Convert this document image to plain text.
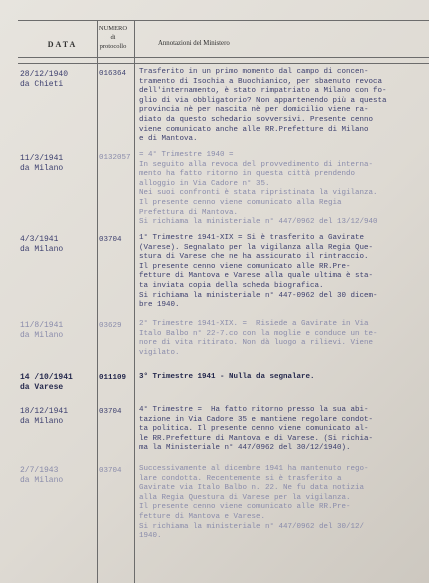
DATA
NUMERO
di
protocollo	Annotazioni del Ministero
28/12/1940
da Chieti
016364	Trasferito in un primo momento dal campo di concen-
tramento di Isochia a Buochianico, per sbaenuto revoca
dell'internamento, è stato rimpatriato a Milano con fo-
glio di via obbligatorio? Non appartenendo più a questa
provincia nè per nascita nè per domicilio viene ra-
diato da questo schedario sovversivi. Presente cenno
viene comunicato anche alle RR.Prefetture di Milano
e di Mantova.
11/3/1941
da Milano
0132057	= 4° Trimestre 1940 =
In seguito alla revoca del provvedimento di interna-
mento ha fatto ritorno in questa città prendendo
alloggio in Via Cadore n° 35.
Nei suoi confronti è stata ripristinata la vigilanza.
Il presente cenno viene comunicato alla Regia
Prefettura di Mantova.
Si richiama la ministeriale n° 447/0962 del 13/12/940
4/3/1941
da Milano
03704	1° Trimestre 1941-XIX = Si è trasferito a Gavirate
(Varese). Segnalato per la vigilanza alla Regia Que-
stura di Varese che ne ha assicurato il rintraccio.
Il presente cenno viene comunicato alle RR.Pre-
fetture di Mantova e Varese alla quale ultima è sta-
ta inviata copia della scheda biografica.
Si richiama la ministeriale n° 447-0962 del 30 dicem-
bre 1940.
11/8/1941
da Milano
03629	2° Trimestre 1941-XIX. =  Risiede a Gavirate in Via
Italo Balbo n° 22-7.co con la moglie e conduce un te-
nore di vita ritirato. Non dà luogo a rilievi. Viene
vigilato.
14 /10/1941
da Varese
011109	3° Trimestre 1941 - Nulla da segnalare.
18/12/1941
da Milano
03704	4° Trimestre =  Ha fatto ritorno presso la sua abi-
tazione in Via Cadore 35 e mantiene regolare condot-
ta politica. Il presente cenno viene comunicato al-
le RR.Prefetture di Mantova e di Varese. (Si richia-
ma la Ministeriale n° 447/0962 del 30/12/1940).
2/7/1943
da Milano
03704	Successivamente al dicembre 1941 ha mantenuto rego-
lare condotta. Recentemente si è trasferito a
Gavirate via Italo Balbo n. 22. Ne fu data notizia
alla Regia Questura di Varese per la vigilanza.
Il presente cenno viene comunicato alle RR.Pre-
fetture di Mantova e Varese.
Si richiama la ministeriale n° 447/0962 del 30/12/
1940.
